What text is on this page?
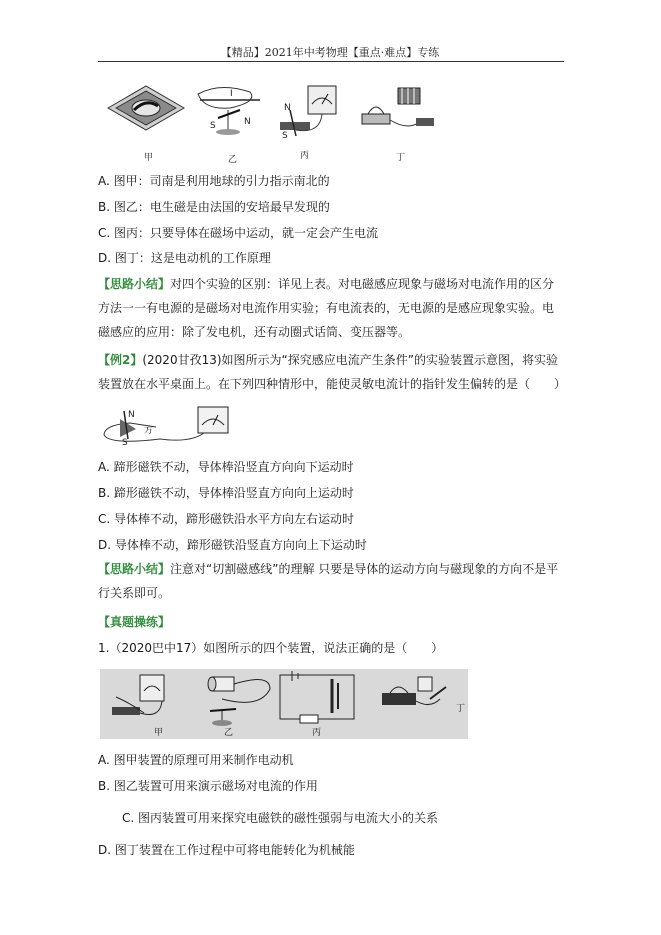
【精品】2021年中考物理【重点·难点】专练
I
S	N
N
S
甲	乙	丙	丁
A. 图甲：司南是利用地球的引力指示南北的
B. 图乙：电生磁是由法国的安培最早发现的
C. 图丙：只要导体在磁场中运动，就一定会产生电流
D. 图丁：这是电动机的工作原理
【思路小结】对四个实验的区别：详见上表。对电磁感应现象与磁场对电流作用的区分方法一一有电源的是磁场对电流作用实验；有电流表的，无电源的是感应现象实验。电磁感应的应用：除了发电机，还有动圈式话筒、变压器等。
【例2】(2020甘孜13)如图所示为“探究感应电流产生条件”的实验装置示意图，将实验装置放在水平桌面上。在下列四种情形中，能使灵敏电流计的指针发生偏转的是（　　）
N
S
方
A. 蹄形磁铁不动，导体棒沿竖直方向向下运动时
B. 蹄形磁铁不动，导体棒沿竖直方向向上运动时
C. 导体棒不动，蹄形磁铁沿水平方向左右运动时
D. 导体棒不动，蹄形磁铁沿竖直方向向上下运动时
【思路小结】注意对“切割磁感线”的理解 只要是导体的运动方向与磁现象的方向不是平行关系即可。
【真题操练】
1.（2020巴中17）如图所示的四个装置，说法正确的是（　　）
甲	乙	丙
丁
A. 图甲装置的原理可用来制作电动机
B. 图乙装置可用来演示磁场对电流的作用
C. 图丙装置可用来探究电磁铁的磁性强弱与电流大小的关系
D. 图丁装置在工作过程中可将电能转化为机械能
